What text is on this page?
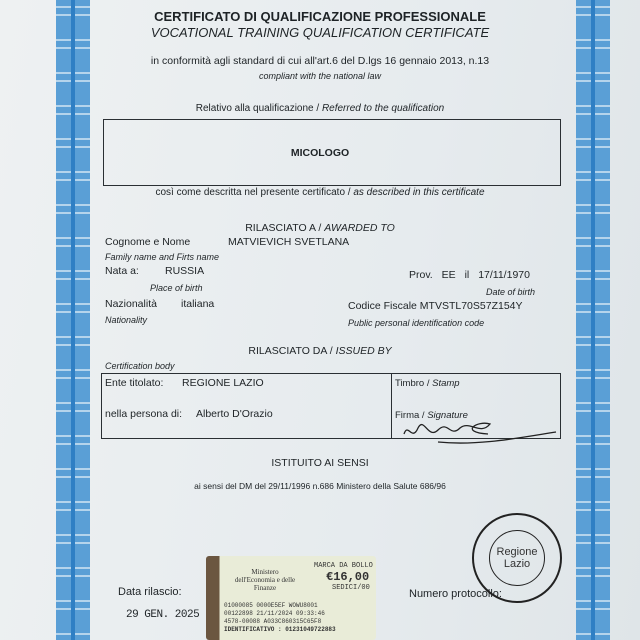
CERTIFICATO DI QUALIFICAZIONE PROFESSIONALE
VOCATIONAL TRAINING QUALIFICATION CERTIFICATE
in conformità agli standard di cui all'art.6 del D.lgs 16 gennaio 2013, n.13
compliant with the national law
Relativo alla qualificazione / Referred to the qualification
MICOLOGO
così come descritta nel presente certificato / as described in this certificate
RILASCIATO A / AWARDED TO
Cognome e Nome	MATVIEVICH SVETLANA
Family name and Firts name
Nata a: RUSSIA
Place of birth
Prov. EE il 17/11/1970
Date of birth
Nazionalità italiana
Nationality
Codice Fiscale MTVSTL70S57Z154Y
Public personal identification code
RILASCIATO DA / ISSUED BY
Certification body
Ente titolato: REGIONE LAZIO
nella persona di: Alberto D'Orazio
Timbro / Stamp
Firma / Signature
ISTITUITO AI SENSI
ai sensi del DM del 29/11/1996 n.686 Ministero della Salute 686/96
Data rilascio:
29 GEN. 2025
Ministero dell'Economia e delle Finanze
MARCA DA BOLLO
€16,00
SEDICI/00
01000085 0000E5EF WOWU8001
00122898 21/11/2024 09:33:46
4578-00088 A033C860315C65F8
IDENTIFICATIVO : 01231049722883
Numero protocollo:
Regione
Lazio
